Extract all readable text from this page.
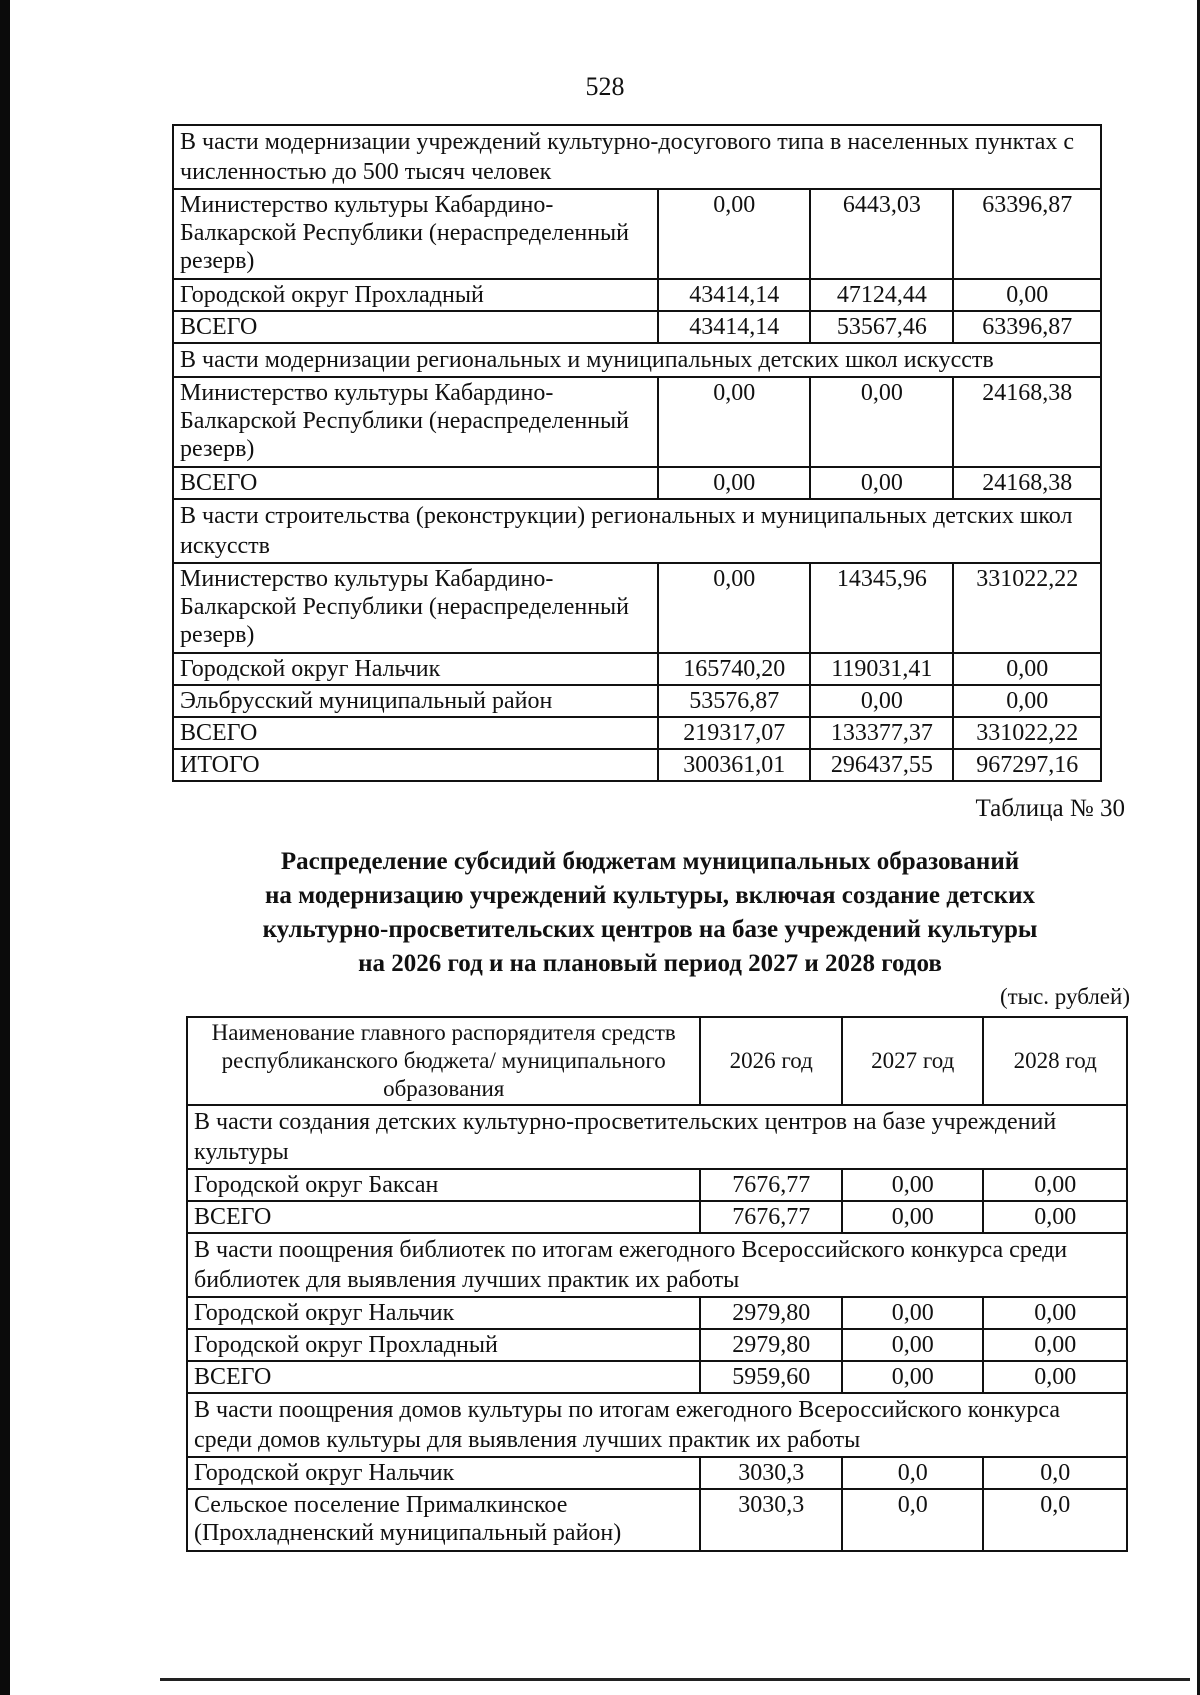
528
В части модернизации учреждений культурно-досугового типа в населенных пунктах с численностью до 500 тысяч человек			
Министерство культуры Кабардино-Балкарской Республики (нераспределенный резерв)	0,00	6443,03	63396,87
Городской округ Прохладный	43414,14	47124,44	0,00
ВСЕГО	43414,14	53567,46	63396,87
В части модернизации региональных и муниципальных детских школ искусств			
Министерство культуры Кабардино-Балкарской Республики (нераспределенный резерв)	0,00	0,00	24168,38
ВСЕГО	0,00	0,00	24168,38
В части строительства (реконструкции) региональных и муниципальных детских школ искусств			
Министерство культуры Кабардино-Балкарской Республики (нераспределенный резерв)	0,00	14345,96	331022,22
Городской округ Нальчик	165740,20	119031,41	0,00
Эльбрусский муниципальный район	53576,87	0,00	0,00
ВСЕГО	219317,07	133377,37	331022,22
ИТОГО	300361,01	296437,55	967297,16
Таблица № 30
Распределение субсидий бюджетам муниципальных образований
на модернизацию учреждений культуры, включая создание детских
культурно-просветительских центров на базе учреждений культуры
на 2026 год и на плановый период 2027 и 2028 годов
(тыс. рублей)
Наименование главного распорядителя средств республиканского бюджета/ муниципального образования	2026 год	2027 год	2028 год
В части создания детских культурно-просветительских центров на базе учреждений культуры			
Городской округ Баксан	7676,77	0,00	0,00
ВСЕГО	7676,77	0,00	0,00
В части поощрения библиотек по итогам ежегодного Всероссийского конкурса среди библиотек для выявления лучших практик их работы			
Городской округ Нальчик	2979,80	0,00	0,00
Городской округ Прохладный	2979,80	0,00	0,00
ВСЕГО	5959,60	0,00	0,00
В части поощрения домов культуры по итогам ежегодного Всероссийского конкурса среди домов культуры для выявления лучших практик их работы			
Городской округ Нальчик	3030,3	0,0	0,0
Сельское поселение Прималкинское (Прохладненский муниципальный район)	3030,3	0,0	0,0
